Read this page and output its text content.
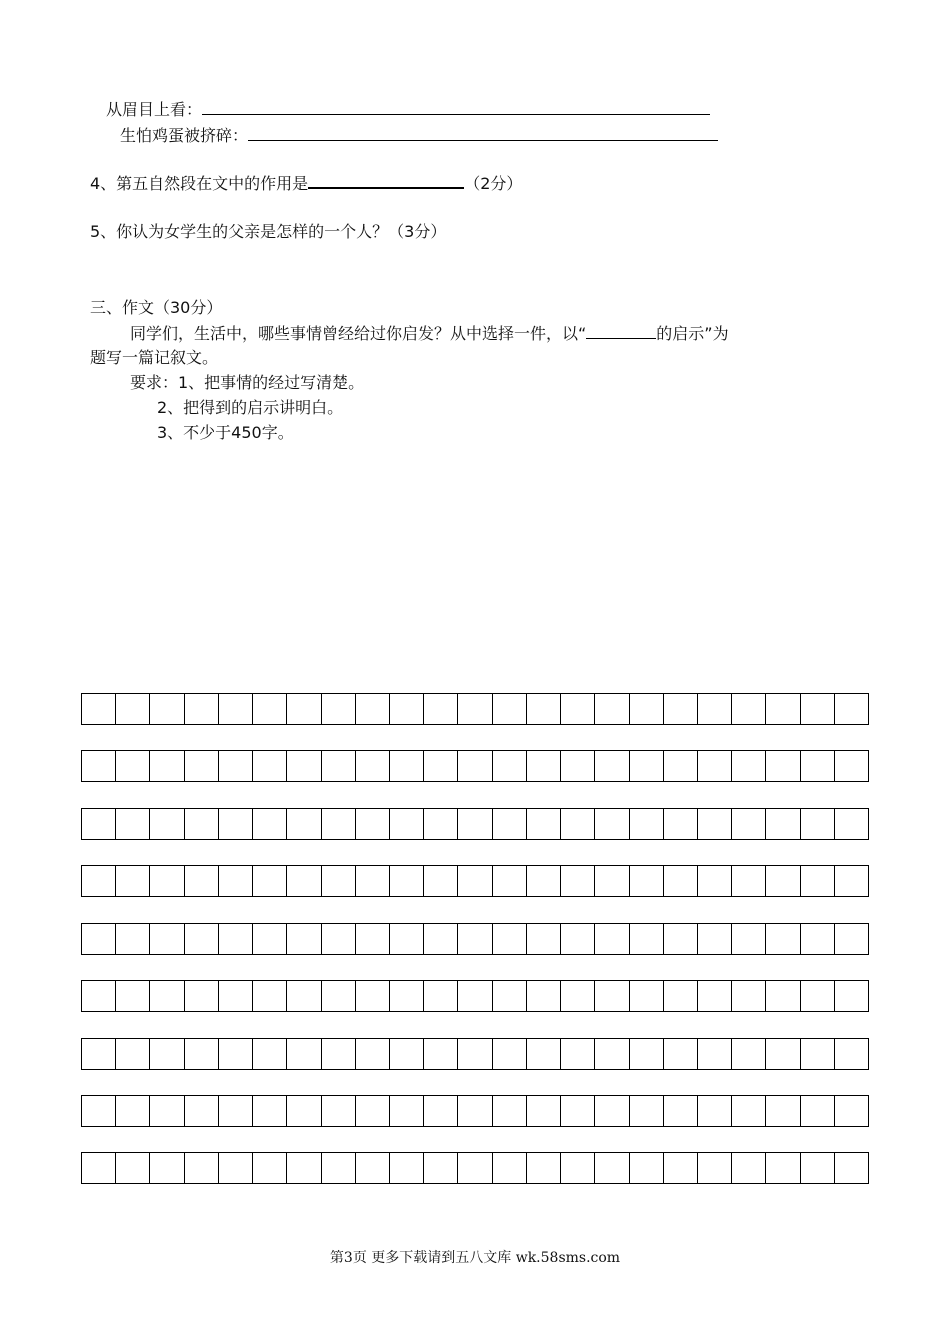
从眉目上看：
生怕鸡蛋被挤碎：
4、第五自然段在文中的作用是	（2分）
5、你认为女学生的父亲是怎样的一个人？（3分）
三、作文（30分）
同学们，生活中，哪些事情曾经给过你启发？从中选择一件，以“	的启示”为
题写一篇记叙文。
要求：1、把事情的经过写清楚。
2、把得到的启示讲明白。
3、不少于450字。
第3页 更多下载请到五八文库 wk.58sms.com
